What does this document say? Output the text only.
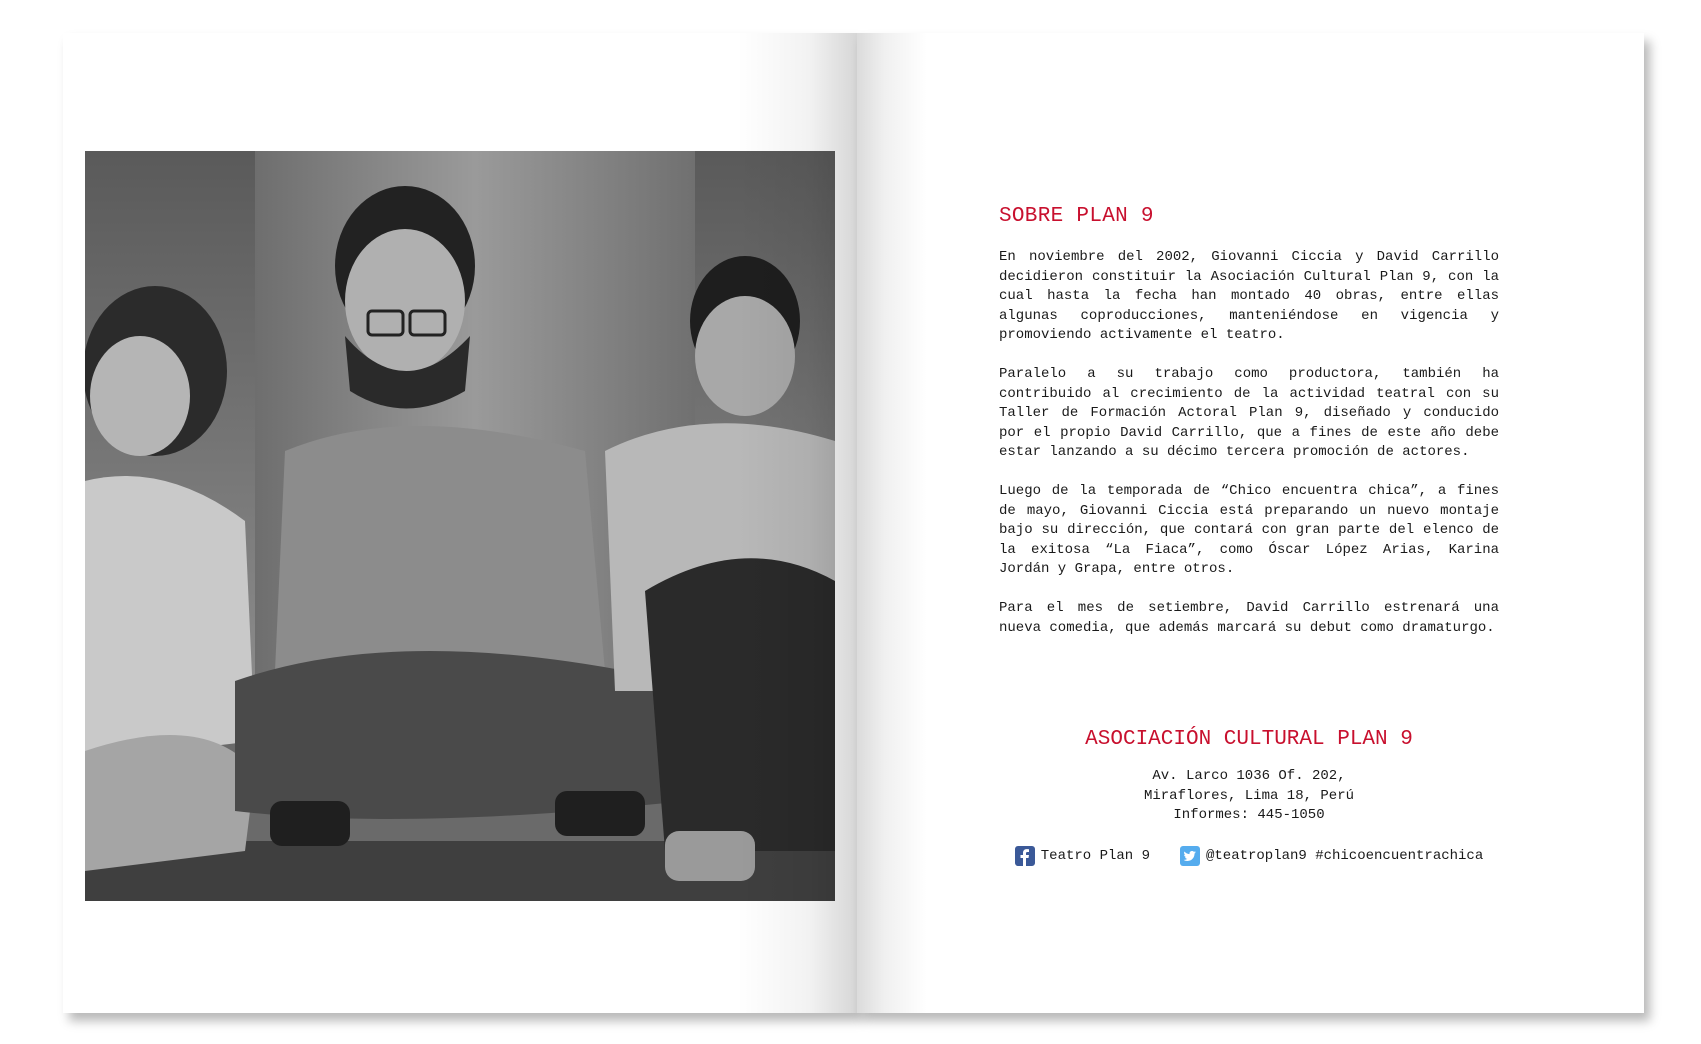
SOBRE PLAN 9

En noviembre del 2002, Giovanni Ciccia y David Carrillo decidieron constituir la Asociación Cultural Plan 9, con la cual hasta la fecha han montado 40 obras, entre ellas algunas coproducciones, manteniéndose en vigencia y promoviendo activamente el teatro.

Paralelo a su trabajo como productora, también ha contribuido al crecimiento de la actividad teatral con su Taller de Formación Actoral Plan 9, diseñado y conducido por el propio David Carrillo, que a fines de este año debe estar lanzando a su décimo tercera promoción de actores.

Luego de la temporada de “Chico encuentra chica”, a fines de mayo, Giovanni Ciccia está preparando un nuevo montaje bajo su dirección, que contará con gran parte del elenco de la exitosa “La Fiaca”, como Óscar López Arias, Karina Jordán y Grapa, entre otros.

Para el mes de setiembre, David Carrillo estrenará una nueva comedia, que además marcará su debut como dramaturgo.

ASOCIACIÓN CULTURAL PLAN 9
Av. Larco 1036 Of. 202,
Miraflores, Lima 18, Perú
Informes: 445-1050
Teatro Plan 9	@teatroplan9 #chicoencuentrachica
